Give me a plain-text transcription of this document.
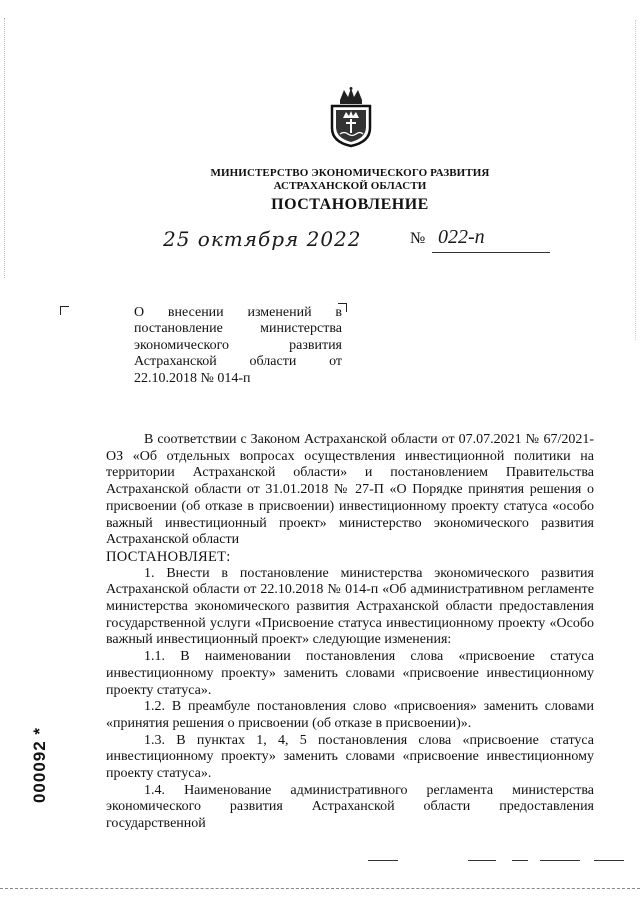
МИНИСТЕРСТВО ЭКОНОМИЧЕСКОГО РАЗВИТИЯ
АСТРАХАНСКОЙ ОБЛАСТИ
ПОСТАНОВЛЕНИЕ
25 октября 2022	№ 022-п
О внесении изменений в постановление министерства экономического развития Астраханской области от 22.10.2018 № 014-п

В соответствии с Законом Астраханской области от 07.07.2021 № 67/2021-ОЗ «Об отдельных вопросах осуществления инвестиционной политики на территории Астраханской области» и постановлением Правительства Астраханской области от 31.01.2018 № 27-П «О Порядке принятия решения о присвоении (об отказе в присвоении) инвестиционному проекту статуса «особо важный инвестиционный проект» министерство экономического развития Астраханской области

ПОСТАНОВЛЯЕТ:

1. Внести в постановление министерства экономического развития Астраханской области от 22.10.2018 № 014-п «Об административном регламенте министерства экономического развития Астраханской области предоставления государственной услуги «Присвоение статуса инвестиционному проекту «Особо важный инвестиционный проект» следующие изменения:

1.1. В наименовании постановления слова «присвоение статуса инвестиционному проекту» заменить словами «присвоение инвестиционному проекту статуса».

1.2. В преамбуле постановления слово «присвоения» заменить словами «принятия решения о присвоении (об отказе в присвоении)».

1.3. В пунктах 1, 4, 5 постановления слова «присвоение статуса инвестиционному проекту» заменить словами «присвоение инвестиционному проекту статуса».

1.4. Наименование административного регламента министерства экономического развития Астраханской области предоставления государственной

000092 *
